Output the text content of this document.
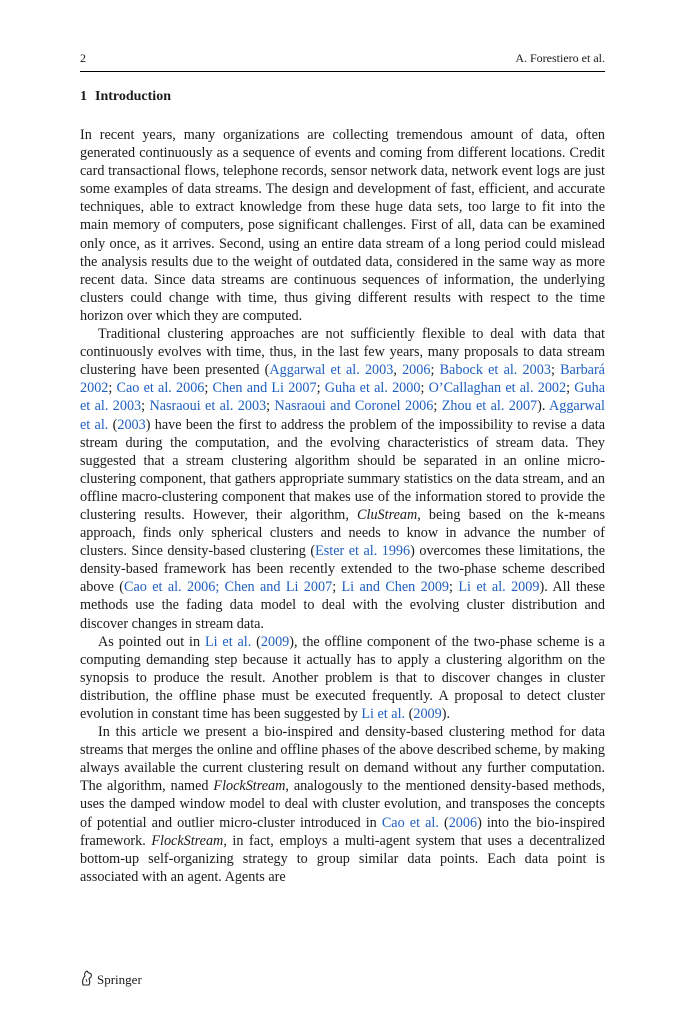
2	A. Forestiero et al.
1 Introduction

In recent years, many organizations are collecting tremendous amount of data, often generated continuously as a sequence of events and coming from different locations. Credit card transactional flows, telephone records, sensor network data, network event logs are just some examples of data streams. The design and development of fast, efficient, and accurate techniques, able to extract knowledge from these huge data sets, too large to fit into the main memory of computers, pose significant challenges. First of all, data can be examined only once, as it arrives. Second, using an entire data stream of a long period could mislead the analysis results due to the weight of outdated data, considered in the same way as more recent data. Since data streams are continuous sequences of information, the underlying clusters could change with time, thus giving different results with respect to the time horizon over which they are computed.

Traditional clustering approaches are not sufficiently flexible to deal with data that continuously evolves with time, thus, in the last few years, many proposals to data stream clustering have been presented (Aggarwal et al. 2003, 2006; Babock et al. 2003; Barbará 2002; Cao et al. 2006; Chen and Li 2007; Guha et al. 2000; O’Callaghan et al. 2002; Guha et al. 2003; Nasraoui et al. 2003; Nasraoui and Coronel 2006; Zhou et al. 2007). Aggarwal et al. (2003) have been the first to address the problem of the impossibility to revise a data stream during the computation, and the evolving characteristics of stream data. They suggested that a stream clustering algorithm should be separated in an online micro-clustering component, that gathers appropriate summary statistics on the data stream, and an offline macro-clustering component that makes use of the information stored to provide the clustering results. However, their algorithm, CluStream, being based on the k-means approach, finds only spherical clusters and needs to know in advance the number of clusters. Since density-based clustering (Ester et al. 1996) overcomes these limitations, the density-based framework has been recently extended to the two-phase scheme described above (Cao et al. 2006; Chen and Li 2007; Li and Chen 2009; Li et al. 2009). All these methods use the fading data model to deal with the evolving cluster distribution and discover changes in stream data.

As pointed out in Li et al. (2009), the offline component of the two-phase scheme is a computing demanding step because it actually has to apply a clustering algorithm on the synopsis to produce the result. Another problem is that to discover changes in cluster distribution, the offline phase must be executed frequently. A proposal to detect cluster evolution in constant time has been suggested by Li et al. (2009).

In this article we present a bio-inspired and density-based clustering method for data streams that merges the online and offline phases of the above described scheme, by making always available the current clustering result on demand without any further computation. The algorithm, named FlockStream, analogously to the mentioned density-based methods, uses the damped window model to deal with cluster evolution, and transposes the concepts of potential and outlier micro-cluster introduced in Cao et al. (2006) into the bio-inspired framework. FlockStream, in fact, employs a multi-agent system that uses a decentralized bottom-up self-organizing strategy to group similar data points. Each data point is associated with an agent. Agents are

Springer
